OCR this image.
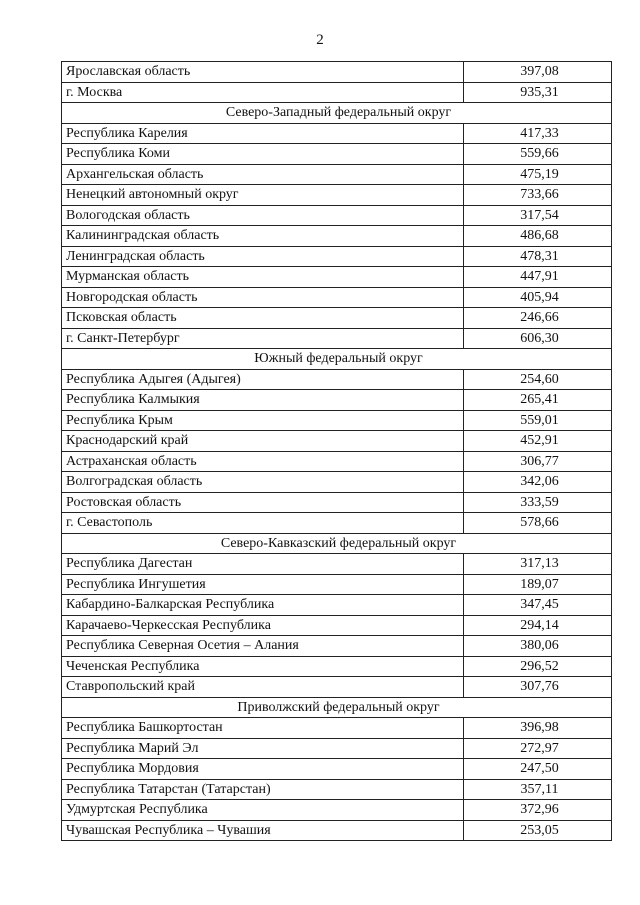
2
Ярославская область	397,08
г. Москва	935,31
Северо-Западный федеральный округ	
Республика Карелия	417,33
Республика Коми	559,66
Архангельская область	475,19
Ненецкий автономный округ	733,66
Вологодская область	317,54
Калининградская область	486,68
Ленинградская область	478,31
Мурманская область	447,91
Новгородская область	405,94
Псковская область	246,66
г. Санкт-Петербург	606,30
Южный федеральный округ	
Республика Адыгея (Адыгея)	254,60
Республика Калмыкия	265,41
Республика Крым	559,01
Краснодарский край	452,91
Астраханская область	306,77
Волгоградская область	342,06
Ростовская область	333,59
г. Севастополь	578,66
Северо-Кавказский федеральный округ	
Республика Дагестан	317,13
Республика Ингушетия	189,07
Кабардино-Балкарская Республика	347,45
Карачаево-Черкесская Республика	294,14
Республика Северная Осетия – Алания	380,06
Чеченская Республика	296,52
Ставропольский край	307,76
Приволжский федеральный округ	
Республика Башкортостан	396,98
Республика Марий Эл	272,97
Республика Мордовия	247,50
Республика Татарстан (Татарстан)	357,11
Удмуртская Республика	372,96
Чувашская Республика – Чувашия	253,05
